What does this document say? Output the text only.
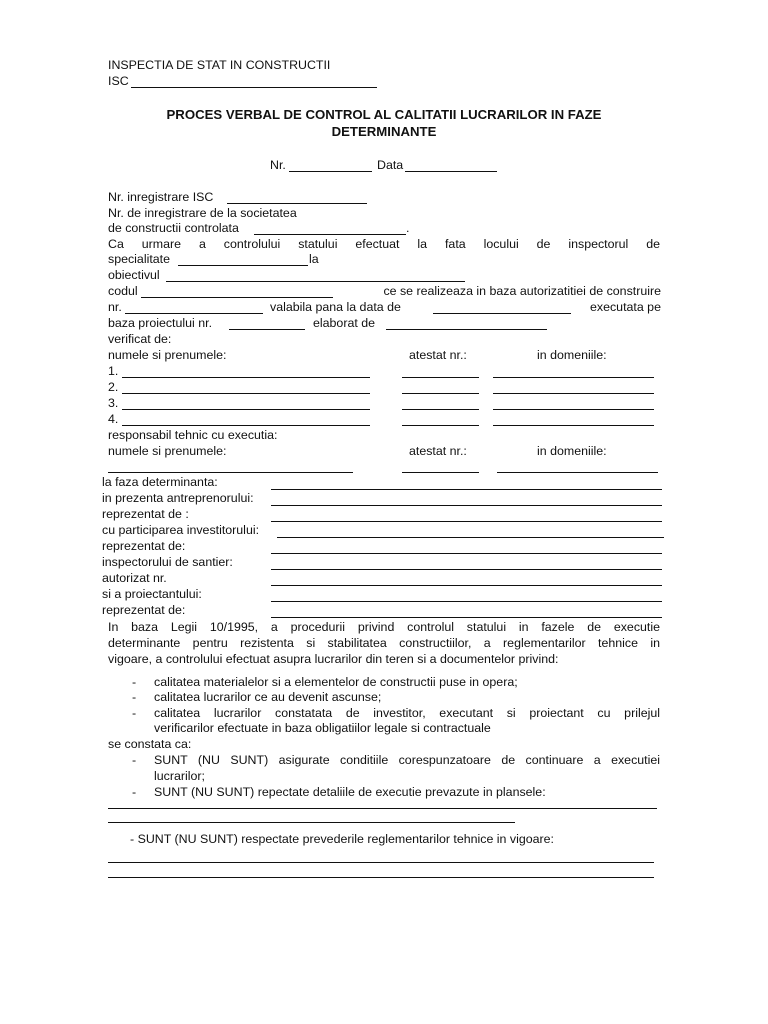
INSPECTIA DE STAT IN CONSTRUCTII
ISC
PROCES VERBAL DE CONTROL AL CALITATII LUCRARILOR IN FAZE
DETERMINANTE
Nr.	Data
Nr. inregistrare ISC
Nr. de inregistrare de la societatea
de constructii controlata	.
Ca urmare a controlului statului efectuat la fata locului de inspectorul de
specialitate	la
obiectivul
codul	ce se realizeaza in baza autorizatitiei de construire
nr.	valabila pana la data de	executata pe
baza proiectului nr.	elaborat de
verificat de:
numele si prenumele:	atestat nr.:	in domeniile:
1.
2.
3.
4.
responsabil tehnic cu executia:
numele si prenumele:	atestat nr.:	in domeniile:
la faza determinanta:
in prezenta antreprenorului:
reprezentat de :
cu participarea investitorului:
reprezentat de:
inspectorului de santier:
autorizat nr.
si a proiectantului:
reprezentat de:
In baza Legii 10/1995, a procedurii privind controlul statului in fazele de executie
determinante pentru rezistenta si stabilitatea constructiilor, a reglementarilor tehnice in
vigoare, a controlului efectuat asupra lucrarilor din teren si a documentelor privind:
- calitatea materialelor si a elementelor de constructii puse in opera;
- calitatea lucrarilor ce au devenit ascunse;
- calitatea lucrarilor constatata de investitor, executant si proiectant cu prilejul
verificarilor efectuate in baza obligatiilor legale si contractuale
se constata ca:
- SUNT (NU SUNT) asigurate conditiile corespunzatoare de continuare a executiei
lucrarilor;
- SUNT (NU SUNT) repectate detaliile de executie prevazute in plansele:
- SUNT (NU SUNT) respectate prevederile reglementarilor tehnice in vigoare:
